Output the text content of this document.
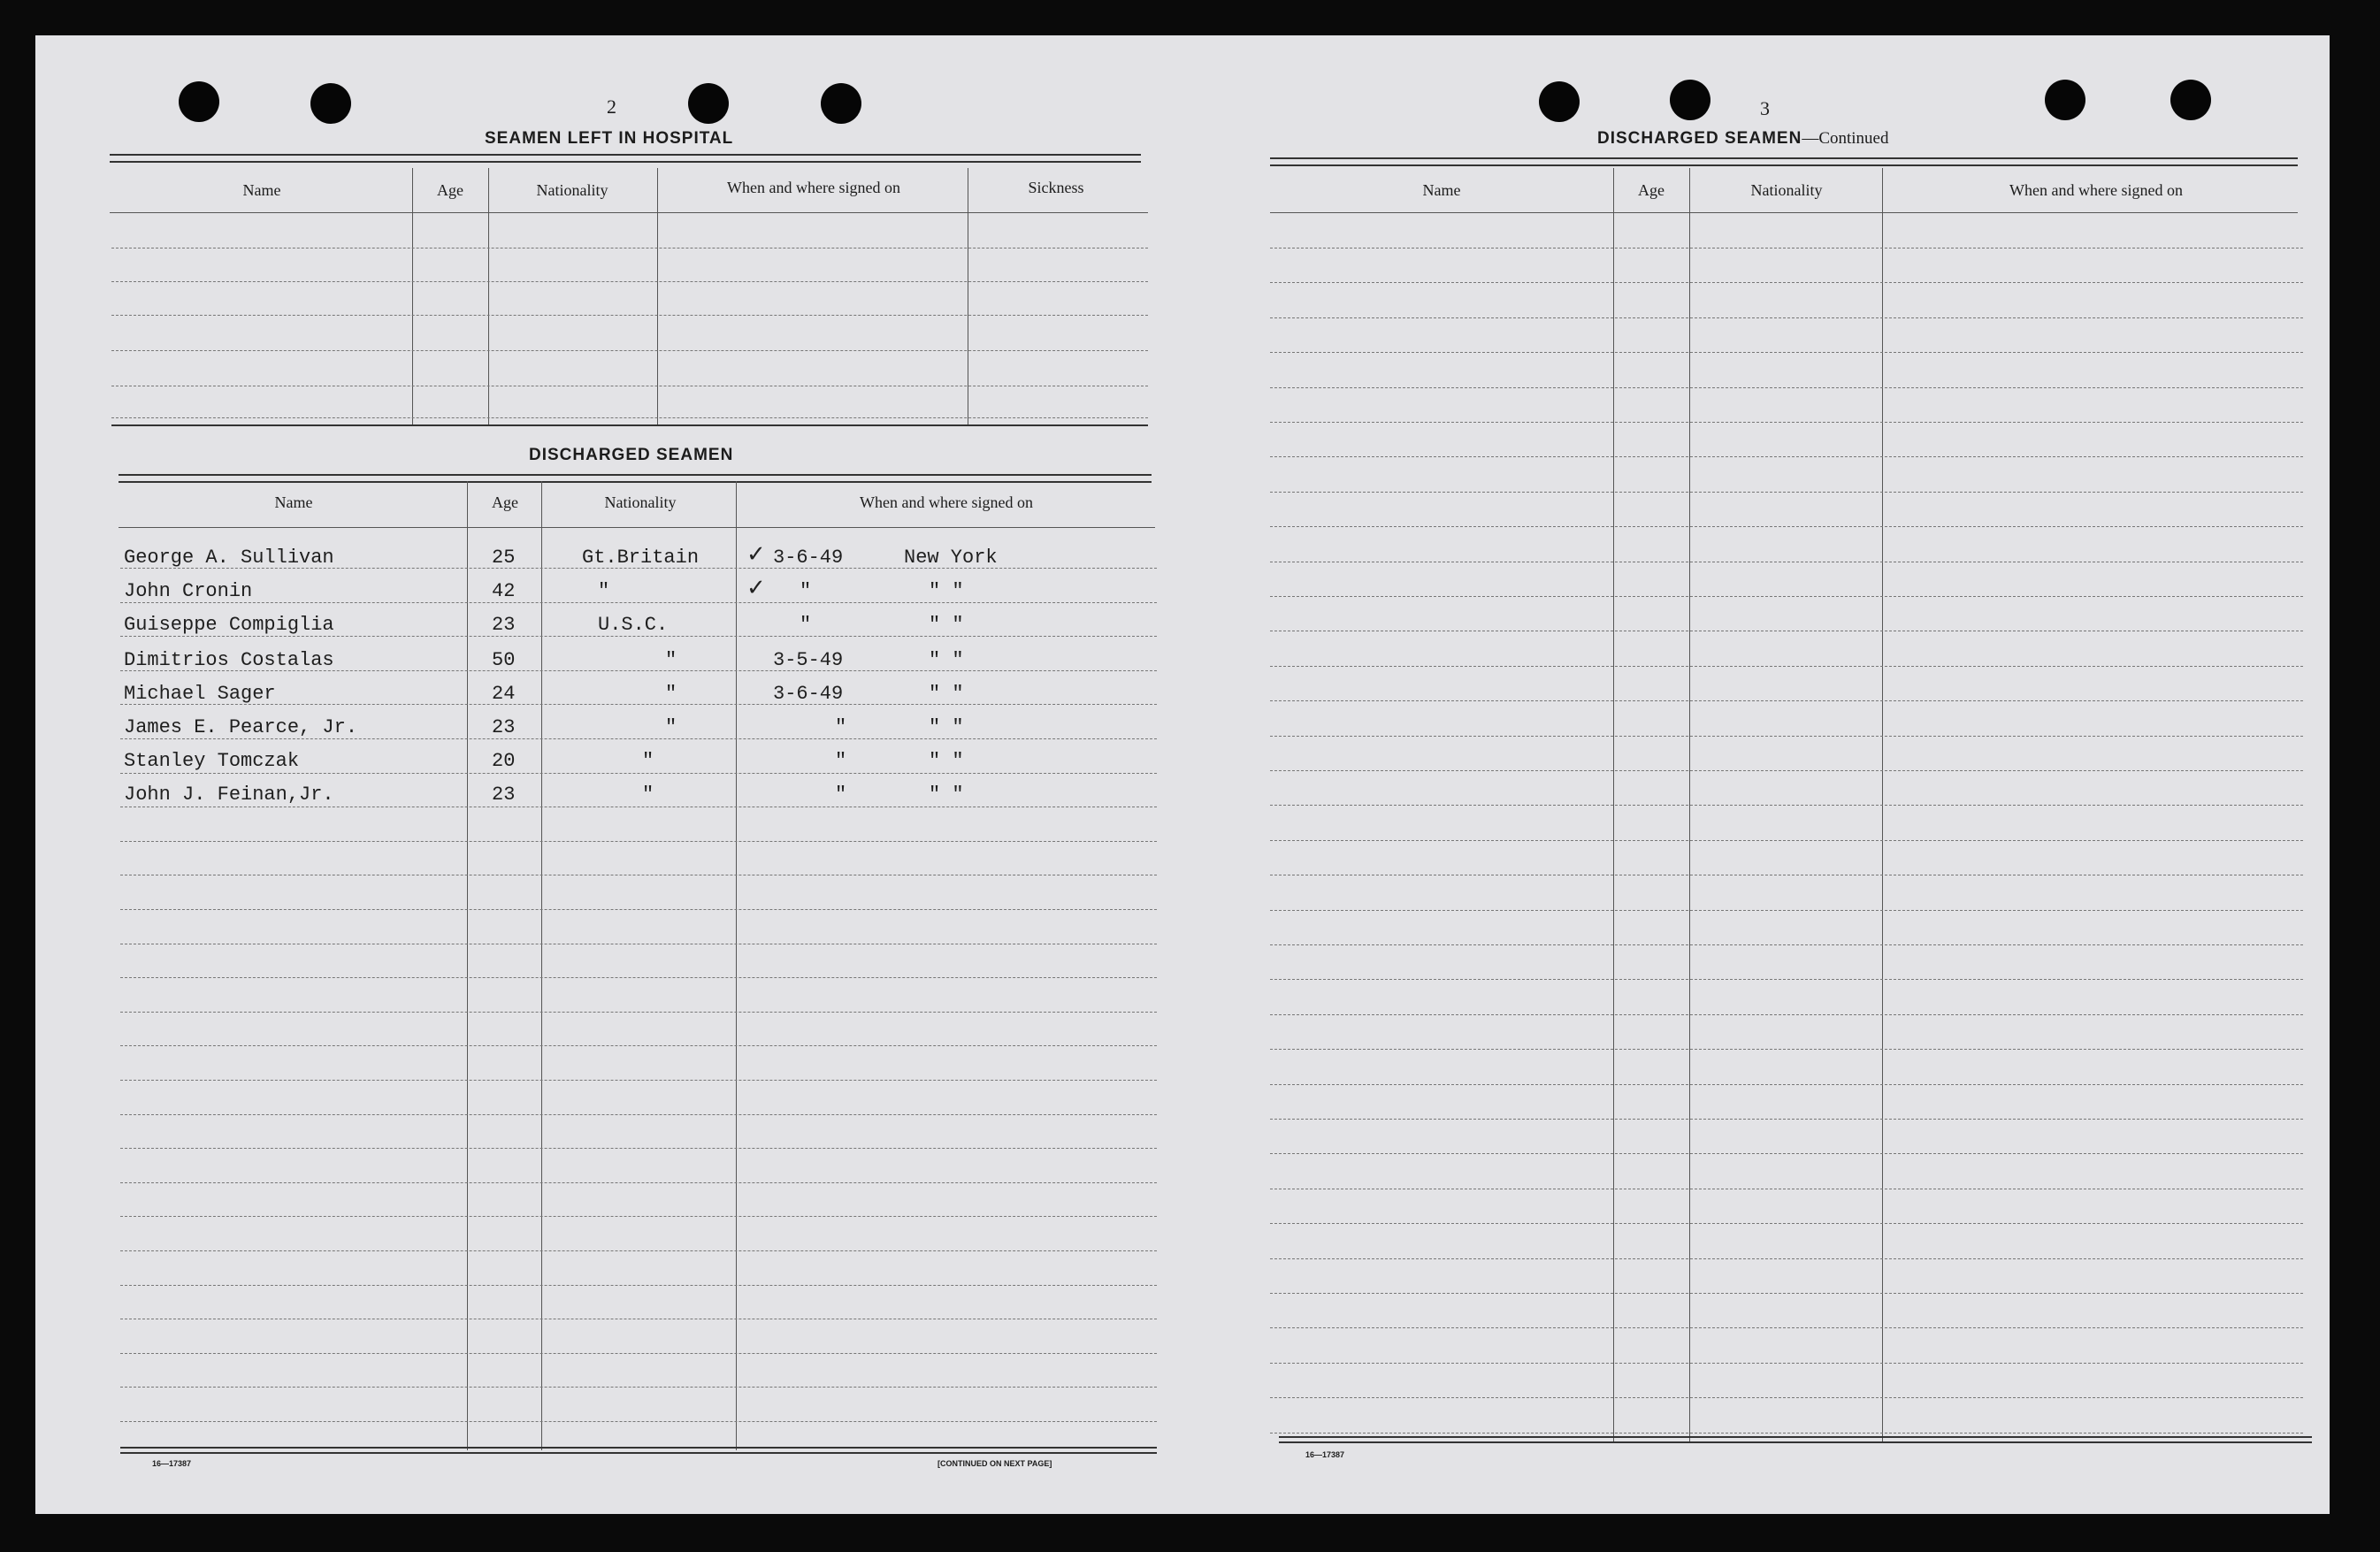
2
SEAMEN LEFT IN HOSPITAL
Name	Age	Nationality	When and where signed on	Sickness
DISCHARGED SEAMEN
Name	Age	Nationality	When and where signed on
George A. Sullivan	25	Gt.Britain	3-6-49	New York
John Cronin	42	"	"	" "
Guiseppe Compiglia	23	U.S.C.	"	" "
Dimitrios Costalas	50	"	3-5-49	" "
Michael Sager	24	"	3-6-49	" "
James E. Pearce, Jr.	23	"	"	" "
Stanley Tomczak	20	"	"	" "
John J. Feinan,Jr.	23	"	"	" "
✓
✓
16—17387	[CONTINUED ON NEXT PAGE]
3
DISCHARGED SEAMEN—Continued
Name	Age	Nationality	When and where signed on
16—17387
